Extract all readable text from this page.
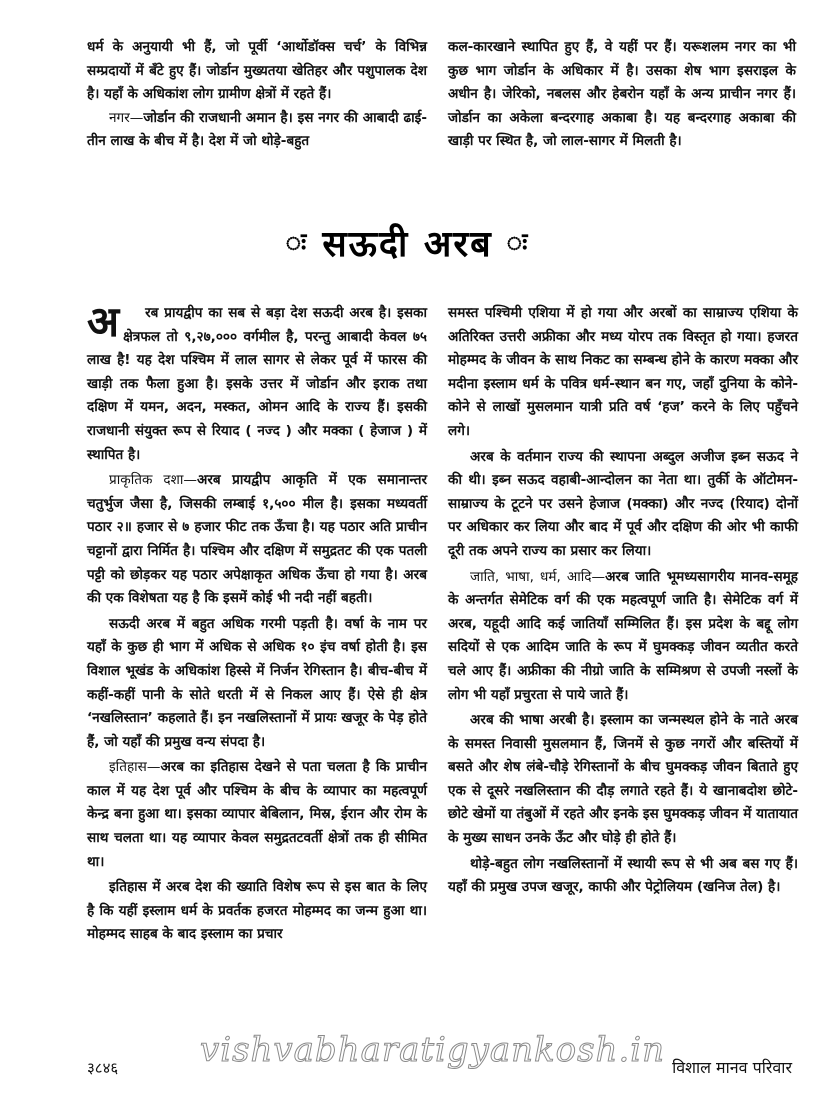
धर्म के अनुयायी भी हैं, जो पूर्वी ‘आर्थोडॉक्स चर्च’ के विभिन्न सम्प्रदायों में बँटे हुए हैं। जोर्डान मुख्यतया खेतिहर और पशुपालक देश है। यहाँ के अधिकांश लोग ग्रामीण क्षेत्रों में रहते हैं।

नगर—जोर्डान की राजधानी अमान है। इस नगर की आबादी ढाई-तीन लाख के बीच में है। देश में जो थोड़े-बहुत

कल-कारखाने स्थापित हुए हैं, वे यहीं पर हैं। यरूशलम नगर का भी कुछ भाग जोर्डान के अधिकार में है। उसका शेष भाग इसराइल के अधीन है। जेरिको, नबलस और हेबरोन यहाँ के अन्य प्राचीन नगर हैं। जोर्डान का अकेला बन्दरगाह अकाबा है। यह बन्दरगाह अकाबा की खाड़ी पर स्थित है, जो लाल-सागर में मिलती है।

ः सऊदी अरब ः

अ रब प्रायद्वीप का सब से बड़ा देश सऊदी अरब है। इसका क्षेत्रफल तो ९,२७,००० वर्गमील है, परन्तु आबादी केवल ७५ लाख है! यह देश पश्चिम में लाल सागर से लेकर पूर्व में फारस की खाड़ी तक फैला हुआ है। इसके उत्तर में जोर्डान और इराक तथा दक्षिण में यमन, अदन, मस्कत, ओमन आदि के राज्य हैं। इसकी राजधानी संयुक्त रूप से रियाद ( नज्द ) और मक्का ( हेजाज ) में स्थापित है।

प्राकृतिक दशा—अरब प्रायद्वीप आकृति में एक समानान्तर चतुर्भुज जैसा है, जिसकी लम्बाई १,५०० मील है। इसका मध्यवर्ती पठार २॥ हजार से ७ हजार फीट तक ऊँचा है। यह पठार अति प्राचीन चट्टानों द्वारा निर्मित है। पश्चिम और दक्षिण में समुद्रतट की एक पतली पट्टी को छोड़कर यह पठार अपेक्षाकृत अधिक ऊँचा हो गया है। अरब की एक विशेषता यह है कि इसमें कोई भी नदी नहीं बहती।

सऊदी अरब में बहुत अधिक गरमी पड़ती है। वर्षा के नाम पर यहाँ के कुछ ही भाग में अधिक से अधिक १० इंच वर्षा होती है। इस विशाल भूखंड के अधिकांश हिस्से में निर्जन रेगिस्तान है। बीच-बीच में कहीं-कहीं पानी के सोते धरती में से निकल आए हैं। ऐसे ही क्षेत्र ‘नखलिस्तान’ कहलाते हैं। इन नखलिस्तानों में प्रायः खजूर के पेड़ होते हैं, जो यहाँ की प्रमुख वन्य संपदा है।

इतिहास—अरब का इतिहास देखने से पता चलता है कि प्राचीन काल में यह देश पूर्व और पश्चिम के बीच के व्यापार का महत्वपूर्ण केन्द्र बना हुआ था। इसका व्यापार बेबिलान, मिस्र, ईरान और रोम के साथ चलता था। यह व्यापार केवल समुद्रतटवर्ती क्षेत्रों तक ही सीमित था।

इतिहास में अरब देश की ख्याति विशेष रूप से इस बात के लिए है कि यहीं इस्लाम धर्म के प्रवर्तक हजरत मोहम्मद का जन्म हुआ था। मोहम्मद साहब के बाद इस्लाम का प्रचार

समस्त पश्चिमी एशिया में हो गया और अरबों का साम्राज्य एशिया के अतिरिक्त उत्तरी अफ्रीका और मध्य योरप तक विस्तृत हो गया। हजरत मोहम्मद के जीवन के साथ निकट का सम्बन्ध होने के कारण मक्का और मदीना इस्लाम धर्म के पवित्र धर्म-स्थान बन गए, जहाँ दुनिया के कोने-कोने से लाखों मुसलमान यात्री प्रति वर्ष ‘हज’ करने के लिए पहुँचने लगे।

अरब के वर्तमान राज्य की स्थापना अब्दुल अजीज इब्न सऊद ने की थी। इब्न सऊद वहाबी-आन्दोलन का नेता था। तुर्की के ऑटोमन-साम्राज्य के टूटने पर उसने हेजाज (मक्का) और नज्द (रियाद) दोनों पर अधिकार कर लिया और बाद में पूर्व और दक्षिण की ओर भी काफी दूरी तक अपने राज्य का प्रसार कर लिया।

जाति, भाषा, धर्म, आदि—अरब जाति भूमध्यसागरीय मानव-समूह के अन्तर्गत सेमेटिक वर्ग की एक महत्वपूर्ण जाति है। सेमेटिक वर्ग में अरब, यहूदी आदि कई जातियाँ सम्मिलित हैं। इस प्रदेश के बद्दू लोग सदियों से एक आदिम जाति के रूप में घुमक्कड़ जीवन व्यतीत करते चले आए हैं। अफ्रीका की नीग्रो जाति के सम्मिश्रण से उपजी नस्लों के लोग भी यहाँ प्रचुरता से पाये जाते हैं।

अरब की भाषा अरबी है। इस्लाम का जन्मस्थल होने के नाते अरब के समस्त निवासी मुसलमान हैं, जिनमें से कुछ नगरों और बस्तियों में बसते और शेष लंबे-चौड़े रेगिस्तानों के बीच घुमक्कड़ जीवन बिताते हुए एक से दूसरे नखलिस्तान की दौड़ लगाते रहते हैं। ये खानाबदोश छोटे-छोटे खेमों या तंबुओं में रहते और इनके इस घुमक्कड़ जीवन में यातायात के मुख्य साधन उनके ऊँट और घोड़े ही होते हैं।

थोड़े-बहुत लोग नखलिस्तानों में स्थायी रूप से भी अब बस गए हैं। यहाँ की प्रमुख उपज खजूर, काफी और पेट्रोलियम (खनिज तेल) है।

vishvabharatigyankosh.in
३८४६	विशाल मानव परिवार
